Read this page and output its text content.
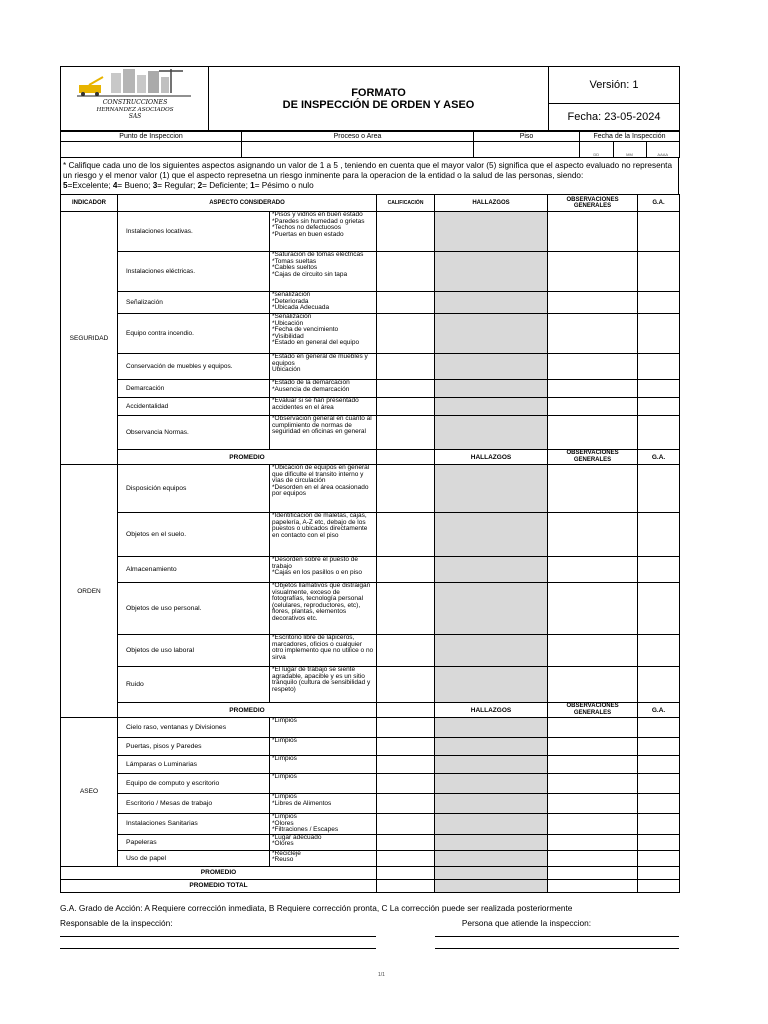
CONSTRUCCIONES
HERNANDEZ ASOCIADOS
SAS

FORMATO
DE INSPECCIÓN DE ORDEN Y ASEO
	Versión: 1
Fecha: 23-05-2024
Punto de Inspeccion	Proceso o Area	Piso	Fecha de la Inspección

DD	MM	AAAA
* Califique cada uno de los siguientes aspectos asignando un valor de 1 a 5 , teniendo en cuenta que el mayor valor (5) significa que el aspecto evaluado no representa un riesgo y el menor valor (1) que el aspecto represetna un riesgo inminente para la operacion de la entidad o la salud de las personas, siendo:
5=Excelente; 4= Bueno; 3= Regular; 2= Deficiente; 1= Pésimo o nulo
INDICADOR	ASPECTO CONSIDERADO		CALIFICACIÓN	HALLAZGOS	OBSERVACIONES GENERALES	G.A.
SEGURIDAD	Instalaciones locativas.	*Pisos y vidrios en buen estado
*Paredes sin humedad o grietas
*Techos no defectuosos
*Puertas en buen estado				
	Instalaciones eléctricas.	*Saturación de tomas eléctricas
*Tomas sueltas
*Cables sueltos
*Cajas de circuito sin tapa				
	Señalización	*señalización
*Deteriorada
*Ubicada Adecuada				
	Equipo contra incendio.	*Señalización
*Ubicación
*Fecha de vencimiento
*Visibilidad
*Estado en general del equipo				
	Conservación de muebles y equipos.	*Estado en general de muebles y equipos
Ubicación				
	Demarcación	*Estado de la demarcación
*Ausencia de demarcación				
	Accidentalidad	*Evaluar si se han presentado accidentes en el área				
	Observancia Normas.	*Observación general en cuanto al cumplimiento de normas de seguridad en oficinas en general				
	PROMEDIO			HALLAZGOS	OBSERVACIONES GENERALES	G.A.
ORDEN	Disposición equipos	*Ubicación de equipos en general que dificulte el transito interno y vías de circulación
*Desorden en el área ocasionado por equipos				
	Objetos en el suelo.	*Identificación de maletas, cajas, papelería, A-Z etc, debajo de los puestos o ubicados directamente en contacto con el piso				
	Almacenamiento	*Desorden sobre el puesto de trabajo
*Cajas en los pasillos o en piso				
	Objetos de uso personal.	*Objetos llamativos que distraigan visualmente, exceso de fotografías, tecnología personal (celulares, reproductores, etc), flores, plantas, elementos decorativos etc.				
	Objetos de uso laboral	*Escritorio libre de lapiceros, marcadores, oficios o cualquier otro implemento que no utilice o no sirva				
	Ruido	*El lugar de trabajo se siente agradable, apacible y es un sitio tranquilo (cultura de sensibilidad y respeto)				
	PROMEDIO			HALLAZGOS	OBSERVACIONES GENERALES	G.A.
ASEO	Cielo raso, ventanas y Divisiones	*Limpios				
	Puertas, pisos y Paredes	*Limpios				
	Lámparas o Luminarias	*Limpios				
	Equipo de computo y escritorio	*Limpios				
	Escritorio / Mesas de trabajo	*Limpios
*Libres de Alimentos				
	Instalaciones Sanitarias	*Limpios
*Olores
*Filtraciones / Escapes				
	Papeleras	*Lugar adecuado
*Olores				
	Uso de papel	*Recicleje
*Reuso				
PROMEDIO						
PROMEDIO TOTAL						
G.A. Grado de Acción: A Requiere corrección inmediata, B Requiere corrección pronta, C La corrección puede ser realizada posteriormente
Responsable de la inspección:	Persona que atiende la inspeccion:
1/1
